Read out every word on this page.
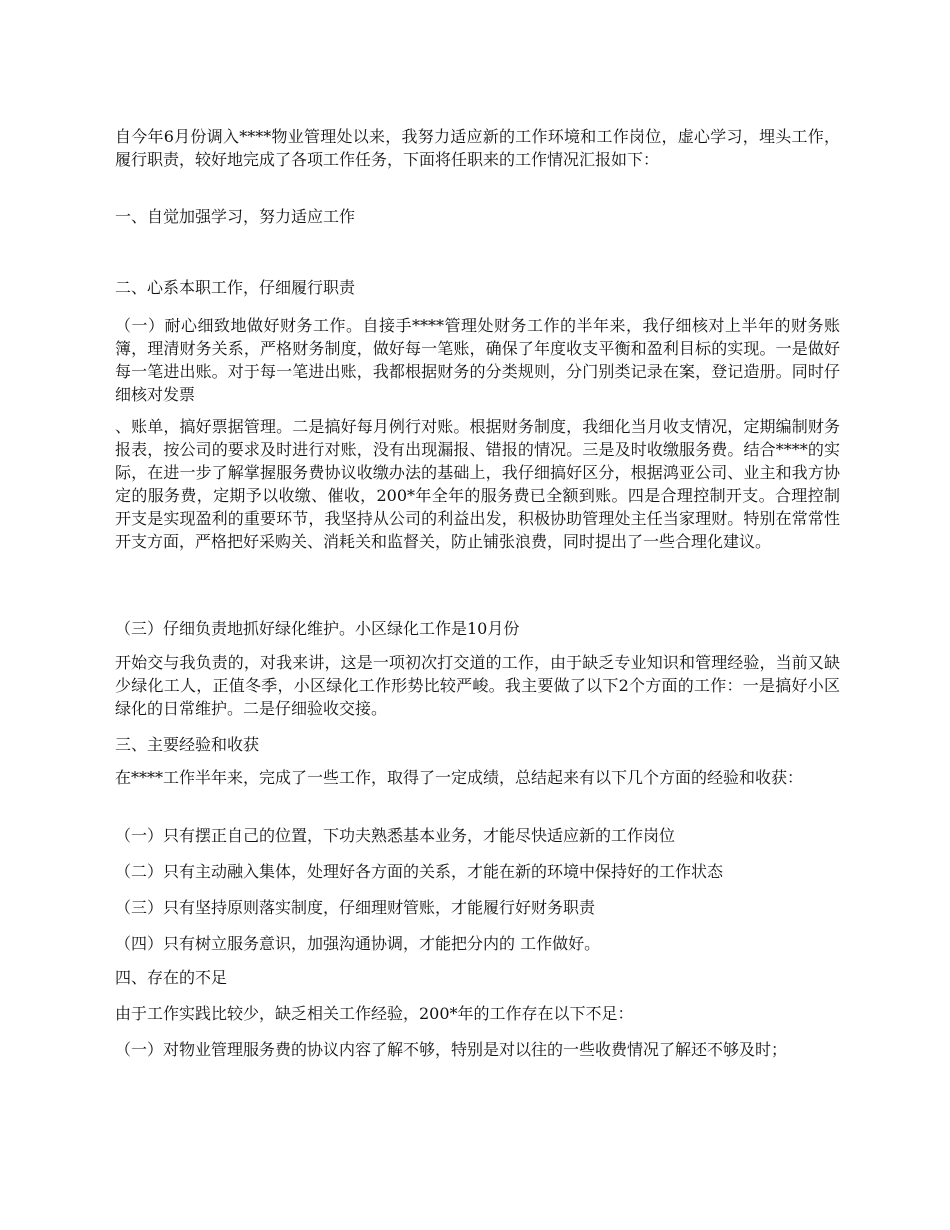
自今年6月份调入****物业管理处以来，我努力适应新的工作环境和工作岗位，虚心学习，埋头工作，履行职责，较好地完成了各项工作任务，下面将任职来的工作情况汇报如下：

一、自觉加强学习，努力适应工作

二、心系本职工作，仔细履行职责

（一）耐心细致地做好财务工作。自接手****管理处财务工作的半年来，我仔细核对上半年的财务账簿，理清财务关系，严格财务制度，做好每一笔账，确保了年度收支平衡和盈利目标的实现。一是做好每一笔进出账。对于每一笔进出账，我都根据财务的分类规则，分门别类记录在案，登记造册。同时仔细核对发票

、账单，搞好票据管理。二是搞好每月例行对账。根据财务制度，我细化当月收支情况，定期编制财务报表，按公司的要求及时进行对账，没有出现漏报、错报的情况。三是及时收缴服务费。结合****的实际，在进一步了解掌握服务费协议收缴办法的基础上，我仔细搞好区分，根据鸿亚公司、业主和我方协定的服务费，定期予以收缴、催收，200*年全年的服务费已全额到账。四是合理控制开支。合理控制开支是实现盈利的重要环节，我坚持从公司的利益出发，积极协助管理处主任当家理财。特别在常常性开支方面，严格把好采购关、消耗关和监督关，防止铺张浪费，同时提出了一些合理化建议。

（三）仔细负责地抓好绿化维护。小区绿化工作是10月份

开始交与我负责的，对我来讲，这是一项初次打交道的工作，由于缺乏专业知识和管理经验，当前又缺少绿化工人，正值冬季，小区绿化工作形势比较严峻。我主要做了以下2个方面的工作：一是搞好小区绿化的日常维护。二是仔细验收交接。

三、主要经验和收获

在****工作半年来，完成了一些工作，取得了一定成绩，总结起来有以下几个方面的经验和收获：

（一）只有摆正自己的位置，下功夫熟悉基本业务，才能尽快适应新的工作岗位

（二）只有主动融入集体，处理好各方面的关系，才能在新的环境中保持好的工作状态

（三）只有坚持原则落实制度，仔细理财管账，才能履行好财务职责

（四）只有树立服务意识，加强沟通协调，才能把分内的 工作做好。

四、存在的不足

由于工作实践比较少，缺乏相关工作经验，200*年的工作存在以下不足：

（一）对物业管理服务费的协议内容了解不够，特别是对以往的一些收费情况了解还不够及时；
